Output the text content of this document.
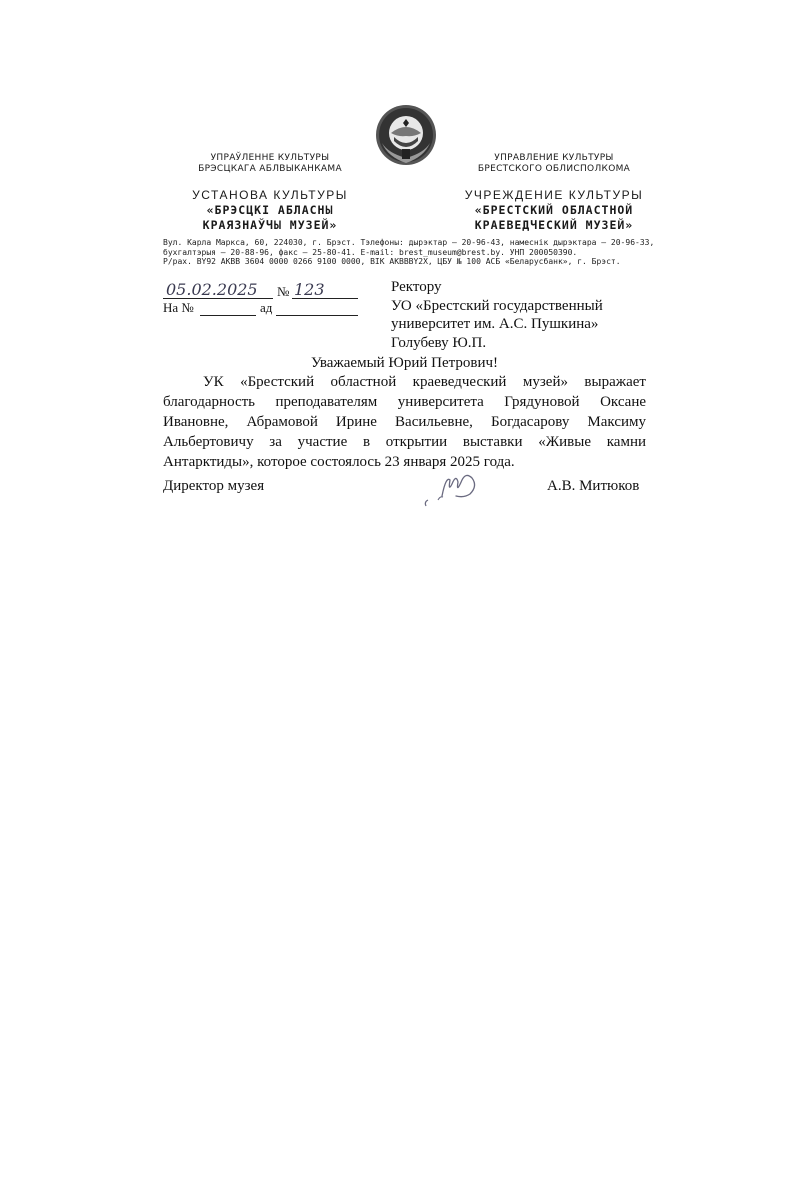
УПРАЎЛЕННЕ КУЛЬТУРЫ
БРЭСЦКАГА АБЛВЫКАНКАМА
УСТАНОВА КУЛЬТУРЫ
«БРЭСЦКІ АБЛАСНЫ
КРАЯЗНАЎЧЫ МУЗЕЙ»
УПРАВЛЕНИЕ КУЛЬТУРЫ
БРЕСТСКОГО ОБЛИСПОЛКОМА
УЧРЕЖДЕНИЕ КУЛЬТУРЫ
«БРЕСТСКИЙ ОБЛАСТНОЙ
КРАЕВЕДЧЕСКИЙ МУЗЕЙ»
Вул. Карла Маркса, 60, 224030, г. Брэст. Тэлефоны: дырэктар – 20-96-43, намеснік дырэктара – 20-96-33,
бухгалтэрыя – 20-88-96, факс – 25-80-41. E-mail: brest_museum@brest.by. УНП 200050390.
Р/рах. BY92 AKBB 3604 0000 0266 9100 0000, BIK AKBBBY2X, ЦБУ № 100 АСБ «Беларусбанк», г. Брэст.
05.02.2025 № 123
На №	ад
Ректору
УО «Брестский государственный
университет им. А.С. Пушкина»
Голубеву Ю.П.
Уважаемый Юрий Петрович!

УК «Брестский областной краеведческий музей» выражает благодарность преподавателям университета Грядуновой Оксане Ивановне, Абрамовой Ирине Васильевне, Богдасарову Максиму Альбертовичу за участие в открытии выставки «Живые камни Антарктиды», которое состоялось 23 января 2025 года.

Директор музея	А.В. Митюков
